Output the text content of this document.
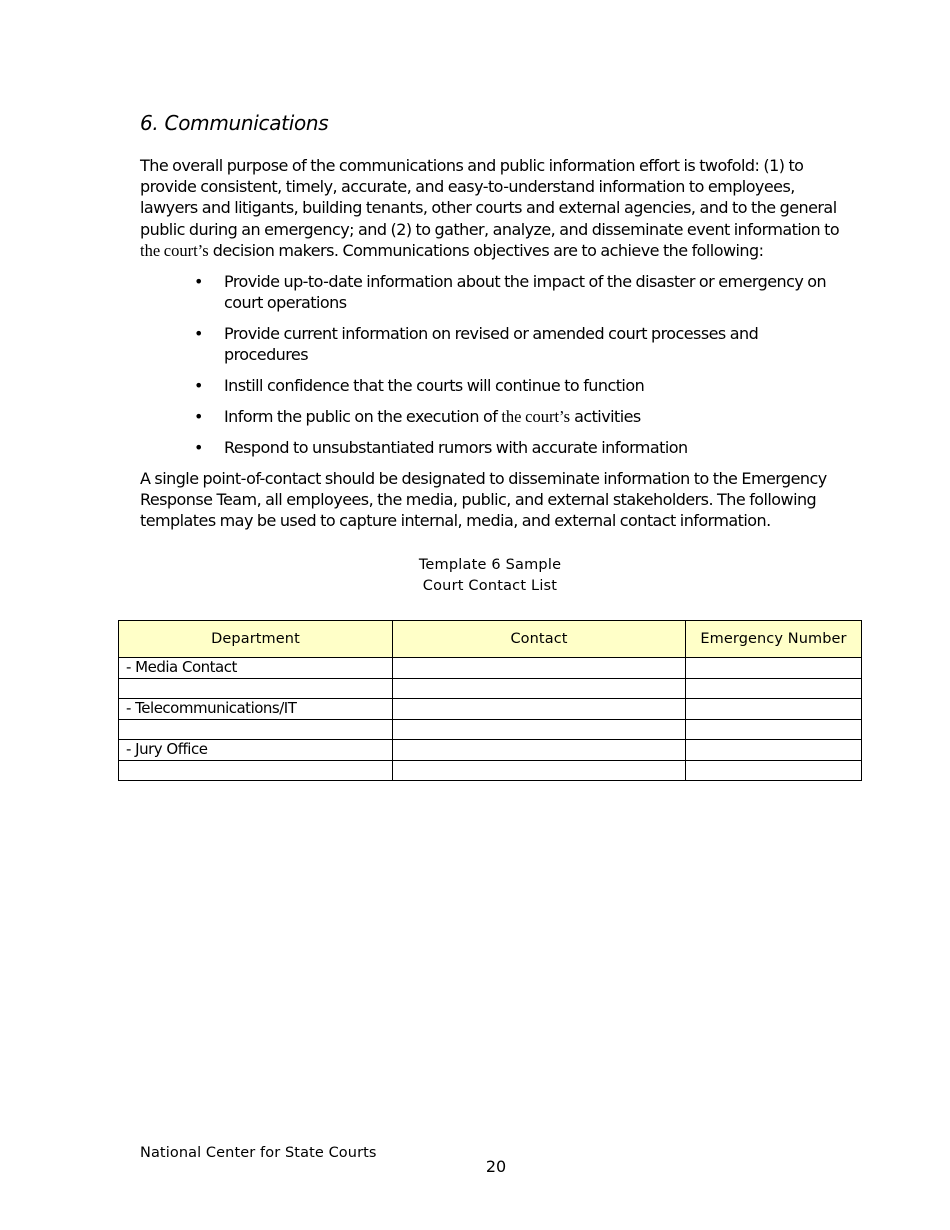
6. Communications

The overall purpose of the communications and public information effort is twofold: (1) to provide consistent, timely, accurate, and easy-to-understand information to employees, lawyers and litigants, building tenants, other courts and external agencies, and to the general public during an emergency; and (2) to gather, analyze, and disseminate event information to the court’s decision makers. Communications objectives are to achieve the following:

• Provide up-to-date information about the impact of the disaster or emergency on court operations
• Provide current information on revised or amended court processes and procedures
• Instill confidence that the courts will continue to function
• Inform the public on the execution of the court’s activities
• Respond to unsubstantiated rumors with accurate information

A single point-of-contact should be designated to disseminate information to the Emergency Response Team, all employees, the media, public, and external stakeholders. The following templates may be used to capture internal, media, and external contact information.

Template 6 Sample
Court Contact List
Department	Contact	Emergency Number
- Media Contact		

- Telecommunications/IT		

- Jury Office		

National Center for State Courts
20
